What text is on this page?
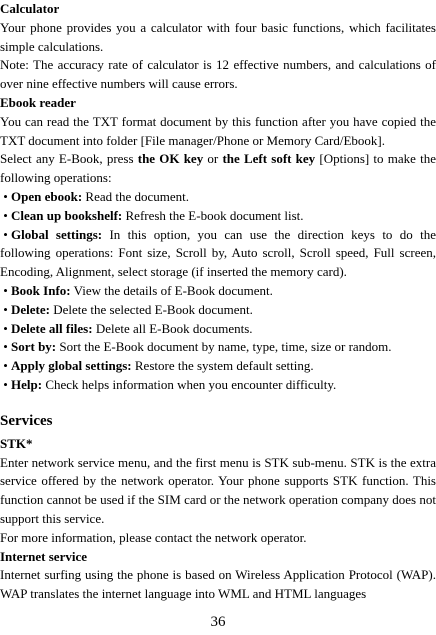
Calculator

Your phone provides you a calculator with four basic functions, which facilitates simple calculations.

Note: The accuracy rate of calculator is 12 effective numbers, and calculations of over nine effective numbers will cause errors.

Ebook reader

You can read the TXT format document by this function after you have copied the TXT document into folder [File manager/Phone or Memory Card/Ebook].

Select any E-Book, press the OK key or the Left soft key [Options] to make the following operations:

• Open ebook: Read the document.

• Clean up bookshelf: Refresh the E-book document list.

• Global settings: In this option, you can use the direction keys to do the following operations: Font size, Scroll by, Auto scroll, Scroll speed, Full screen, Encoding, Alignment, select storage (if inserted the memory card).

• Book Info: View the details of E-Book document.

• Delete: Delete the selected E-Book document.

• Delete all files: Delete all E-Book documents.

• Sort by: Sort the E-Book document by name, type, time, size or random.

• Apply global settings: Restore the system default setting.

• Help: Check helps information when you encounter difficulty.

Services

STK*

Enter network service menu, and the first menu is STK sub-menu. STK is the extra service offered by the network operator. Your phone supports STK function. This function cannot be used if the SIM card or the network operation company does not support this service.

For more information, please contact the network operator.

Internet service

Internet surfing using the phone is based on Wireless Application Protocol (WAP). WAP translates the internet language into WML and HTML languages

36
